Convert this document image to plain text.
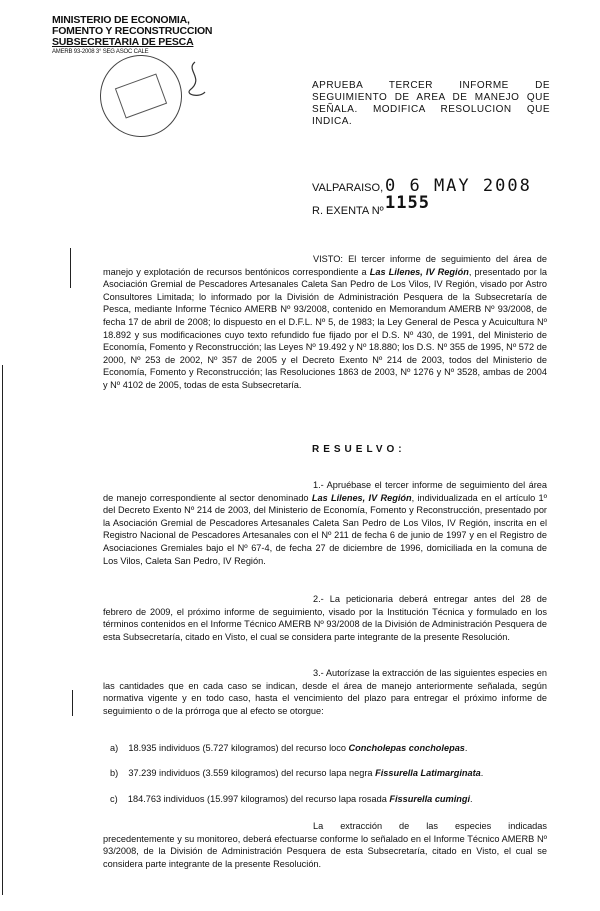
MINISTERIO DE ECONOMIA,
FOMENTO Y RECONSTRUCCION
SUBSECRETARIA DE PESCA
AMERB 93-2008 3° SEG ASOC CALE
APRUEBA TERCER INFORME DE SEGUIMIENTO DE AREA DE MANEJO QUE SEÑALA. MODIFICA RESOLUCION QUE INDICA.
VALPARAISO, 0 6 MAY 2008
R. EXENTA Nº 1155
VISTO: El tercer informe de seguimiento del área de manejo y explotación de recursos bentónicos correspondiente a Las Lilenes, IV Región, presentado por la Asociación Gremial de Pescadores Artesanales Caleta San Pedro de Los Vilos, IV Región, visado por Astro Consultores Limitada; lo informado por la División de Administración Pesquera de la Subsecretaría de Pesca, mediante Informe Técnico AMERB Nº 93/2008, contenido en Memorandum AMERB Nº 93/2008, de fecha 17 de abril de 2008; lo dispuesto en el D.F.L. Nº 5, de 1983; la Ley General de Pesca y Acuicultura Nº 18.892 y sus modificaciones cuyo texto refundido fue fijado por el D.S. Nº 430, de 1991, del Ministerio de Economía, Fomento y Reconstrucción; las Leyes Nº 19.492 y Nº 18.880; los D.S. Nº 355 de 1995, Nº 572 de 2000, Nº 253 de 2002, Nº 357 de 2005 y el Decreto Exento Nº 214 de 2003, todos del Ministerio de Economía, Fomento y Reconstrucción; las Resoluciones 1863 de 2003, Nº 1276 y Nº 3528, ambas de 2004 y Nº 4102 de 2005, todas de esta Subsecretaría.
RESUELVO:
1.- Apruébase el tercer informe de seguimiento del área de manejo correspondiente al sector denominado Las Lilenes, IV Región, individualizada en el artículo 1º del Decreto Exento Nº 214 de 2003, del Ministerio de Economía, Fomento y Reconstrucción, presentado por la Asociación Gremial de Pescadores Artesanales Caleta San Pedro de Los Vilos, IV Región, inscrita en el Registro Nacional de Pescadores Artesanales con el Nº 211 de fecha 6 de junio de 1997 y en el Registro de Asociaciones Gremiales bajo el Nº 67-4, de fecha 27 de diciembre de 1996, domiciliada en la comuna de Los Vilos, Caleta San Pedro, IV Región.
2.- La peticionaria deberá entregar antes del 28 de febrero de 2009, el próximo informe de seguimiento, visado por la Institución Técnica y formulado en los términos contenidos en el Informe Técnico AMERB Nº 93/2008 de la División de Administración Pesquera de esta Subsecretaría, citado en Visto, el cual se considera parte integrante de la presente Resolución.
3.- Autorízase la extracción de las siguientes especies en las cantidades que en cada caso se indican, desde el área de manejo anteriormente señalada, según normativa vigente y en todo caso, hasta el vencimiento del plazo para entregar el próximo informe de seguimiento o de la prórroga que al efecto se otorgue:
a) 18.935 individuos (5.727 kilogramos) del recurso loco Concholepas concholepas.
b) 37.239 individuos (3.559 kilogramos) del recurso lapa negra Fissurella Latimarginata.
c) 184.763 individuos (15.997 kilogramos) del recurso lapa rosada Fissurella cumingi.
La extracción de las especies indicadas precedentemente y su monitoreo, deberá efectuarse conforme lo señalado en el Informe Técnico AMERB Nº 93/2008, de la División de Administración Pesquera de esta Subsecretaría, citado en Visto, el cual se considera parte integrante de la presente Resolución.
